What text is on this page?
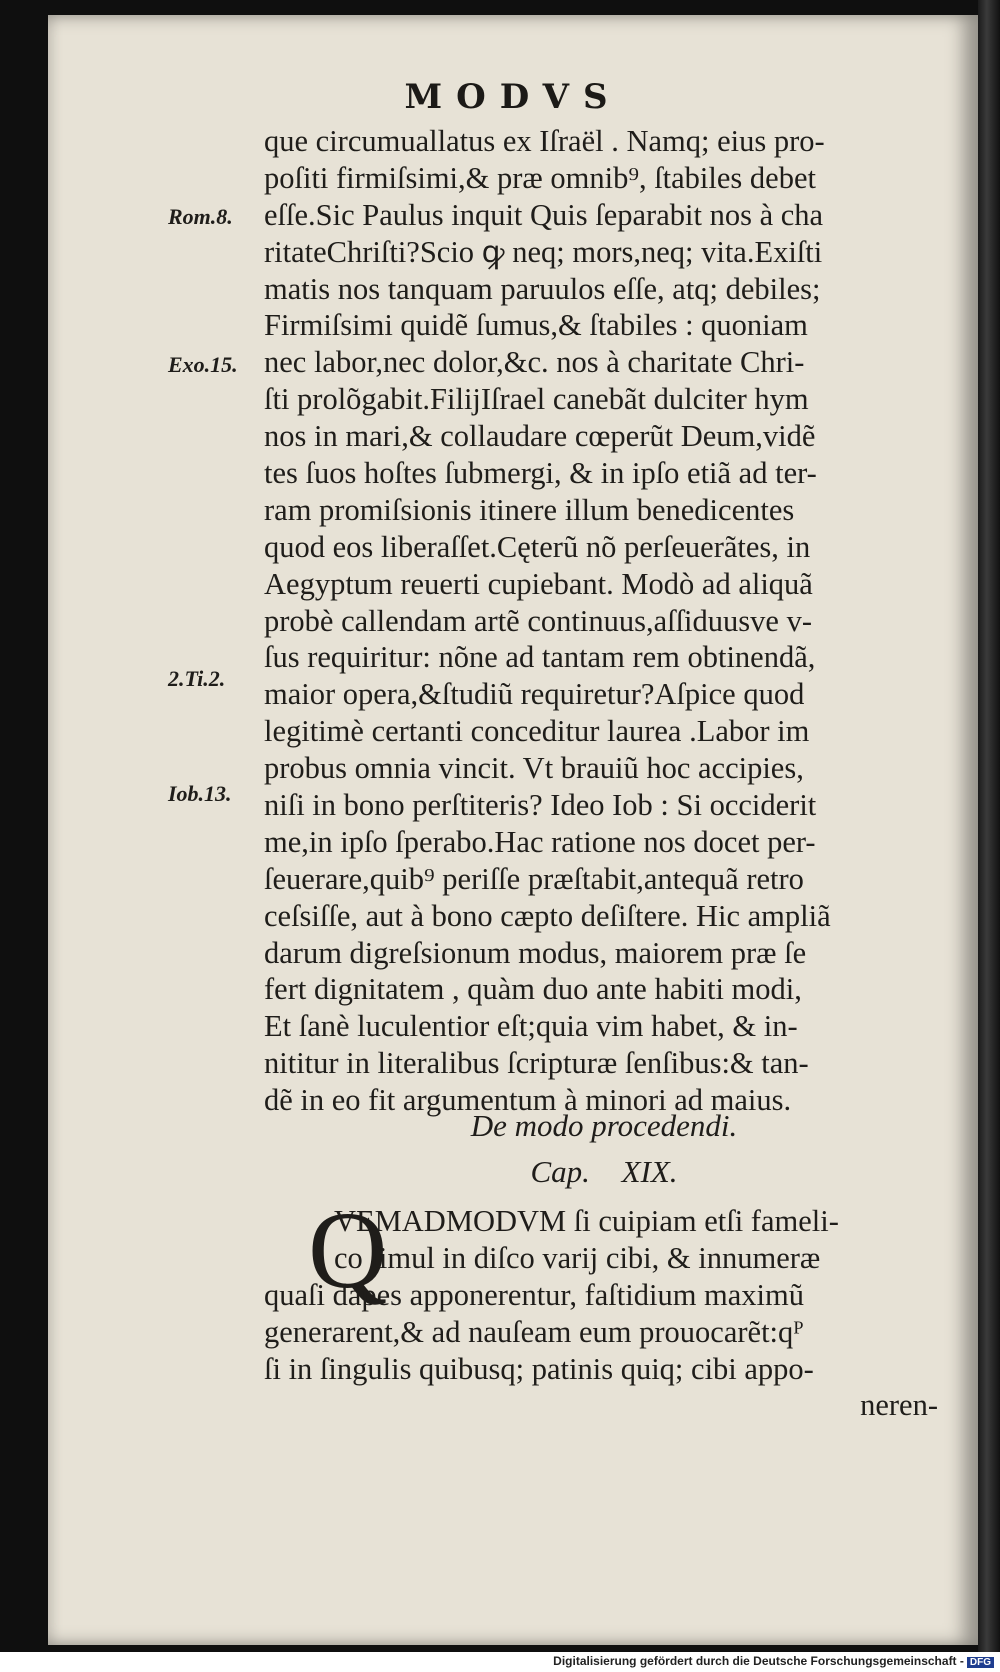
MODVS
Rom.8.
Exo.15.
2.Ti.2.
Iob.13.
que circumuallatus ex Iſraël . Namq; eius pro-
poſiti firmiſsimi,& præ omnib⁹, ſtabiles debet
eſſe.Sic Paulus inquit Quis ſeparabit nos à cha
ritateChriſti?Scio ꝙ neq; mors,neq; vita.Exiſti
matis nos tanquam paruulos eſſe, atq; debiles;
Firmiſsimi quidẽ ſumus,& ſtabiles : quoniam
nec labor,nec dolor,&c. nos à charitate Chri-
ſti prolõgabit.FilijIſrael canebãt dulciter hym
nos in mari,& collaudare cœperũt Deum,vidẽ
tes ſuos hoſtes ſubmergi, & in ipſo etiã ad ter-
ram promiſsionis itinere illum benedicentes
quod eos liberaſſet.Cęterũ nõ perſeuerãtes, in
Aegyptum reuerti cupiebant. Modò ad aliquã
probè callendam artẽ continuus,aſſiduusve v-
ſus requiritur: nõne ad tantam rem obtinendã,
maior opera,&ſtudiũ requiretur?Aſpice quod
legitimè certanti conceditur laurea .Labor im
probus omnia vincit. Vt brauiũ hoc accipies,
niſi in bono perſtiteris? Ideo Iob : Si occiderit
me,in ipſo ſperabo.Hac ratione nos docet per-
ſeuerare,quib⁹ periſſe præſtabit,antequã retro
ceſsiſſe, aut à bono cæpto deſiſtere. Hic ampliã
darum digreſsionum modus, maiorem præ ſe
fert dignitatem , quàm duo ante habiti modi,
Et ſanè luculentior eſt;quia vim habet, & in-
nititur in literalibus ſcripturæ ſenſibus:& tan-
dẽ in eo fit argumentum à minori ad maius.
De modo procedendi.
Cap. XIX.
Q
VEMADMODVM ſi cuipiam etſi fameli-
co ſimul in diſco varij cibi, & innumeræ
quaſi dapes apponerentur, faſtidium maximũ
generarent,& ad nauſeam eum prouocarẽt:qᴾ
ſi in ſingulis quibusq; patinis quiq; cibi appo-
neren-
Digitalisierung gefördert durch die Deutsche Forschungsgemeinschaft - DFG
